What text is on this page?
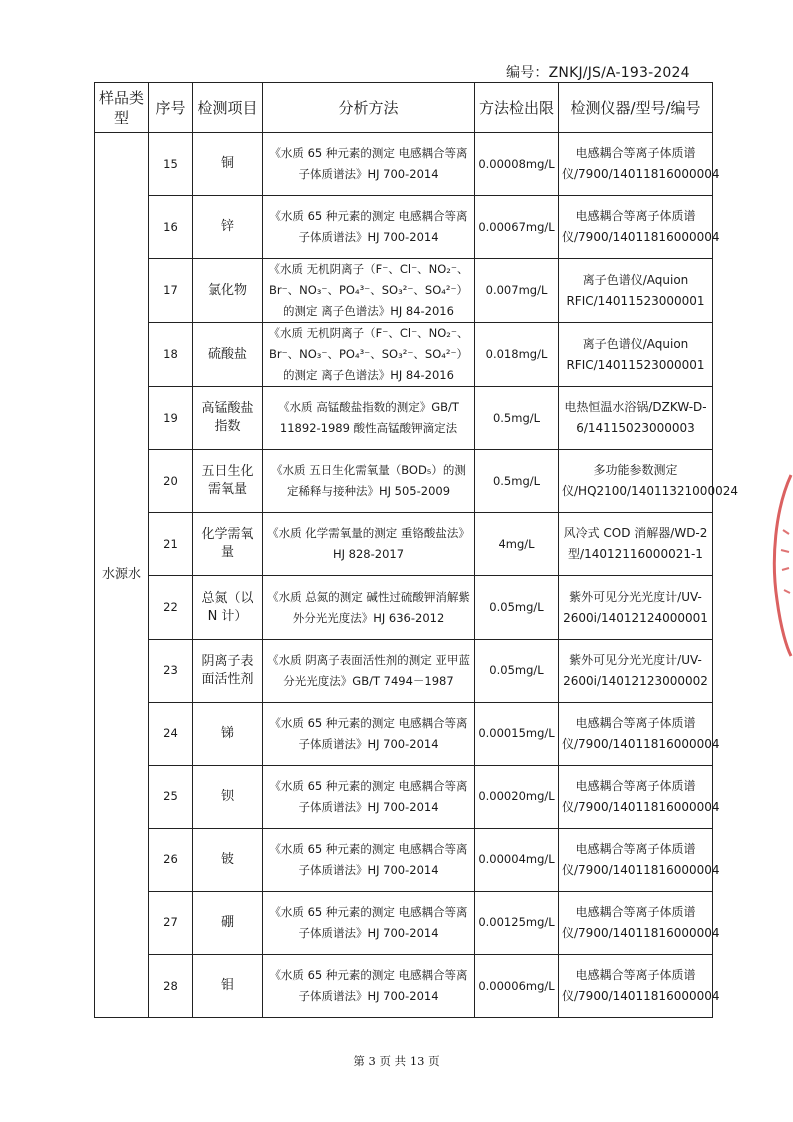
编号：ZNKJ/JS/A-193-2024
样品类型	序号	检测项目	分析方法	方法检出限	检测仪器/型号/编号
水源水	15	铜	《水质 65 种元素的测定 电感耦合等离子体质谱法》HJ 700-2014	0.00008mg/L	电感耦合等离子体质谱仪/7900/14011816000004
	16	锌	《水质 65 种元素的测定 电感耦合等离子体质谱法》HJ 700-2014	0.00067mg/L	电感耦合等离子体质谱仪/7900/14011816000004
	17	氯化物	《水质 无机阴离子（F⁻、Cl⁻、NO₂⁻、Br⁻、NO₃⁻、PO₄³⁻、SO₃²⁻、SO₄²⁻）的测定 离子色谱法》HJ 84-2016	0.007mg/L	离子色谱仪/Aquion RFIC/14011523000001
	18	硫酸盐	《水质 无机阴离子（F⁻、Cl⁻、NO₂⁻、Br⁻、NO₃⁻、PO₄³⁻、SO₃²⁻、SO₄²⁻）的测定 离子色谱法》HJ 84-2016	0.018mg/L	离子色谱仪/Aquion RFIC/14011523000001
	19	高锰酸盐指数	《水质 高锰酸盐指数的测定》GB/T 11892-1989 酸性高锰酸钾滴定法	0.5mg/L	电热恒温水浴锅/DZKW-D-6/14115023000003
	20	五日生化需氧量	《水质 五日生化需氧量（BOD₅）的测定稀释与接种法》HJ 505-2009	0.5mg/L	多功能参数测定仪/HQ2100/14011321000024
	21	化学需氧量	《水质 化学需氧量的测定 重铬酸盐法》HJ 828-2017	4mg/L	风冷式 COD 消解器/WD-2 型/14012116000021-1
	22	总氮（以 N 计）	《水质 总氮的测定 碱性过硫酸钾消解紫外分光光度法》HJ 636-2012	0.05mg/L	紫外可见分光光度计/UV-2600i/14012124000001
	23	阴离子表面活性剂	《水质 阴离子表面活性剂的测定 亚甲蓝分光光度法》GB/T 7494－1987	0.05mg/L	紫外可见分光光度计/UV-2600i/14012123000002
	24	锑	《水质 65 种元素的测定 电感耦合等离子体质谱法》HJ 700-2014	0.00015mg/L	电感耦合等离子体质谱仪/7900/14011816000004
	25	钡	《水质 65 种元素的测定 电感耦合等离子体质谱法》HJ 700-2014	0.00020mg/L	电感耦合等离子体质谱仪/7900/14011816000004
	26	铍	《水质 65 种元素的测定 电感耦合等离子体质谱法》HJ 700-2014	0.00004mg/L	电感耦合等离子体质谱仪/7900/14011816000004
	27	硼	《水质 65 种元素的测定 电感耦合等离子体质谱法》HJ 700-2014	0.00125mg/L	电感耦合等离子体质谱仪/7900/14011816000004
	28	钼	《水质 65 种元素的测定 电感耦合等离子体质谱法》HJ 700-2014	0.00006mg/L	电感耦合等离子体质谱仪/7900/14011816000004
第 3 页 共 13 页
